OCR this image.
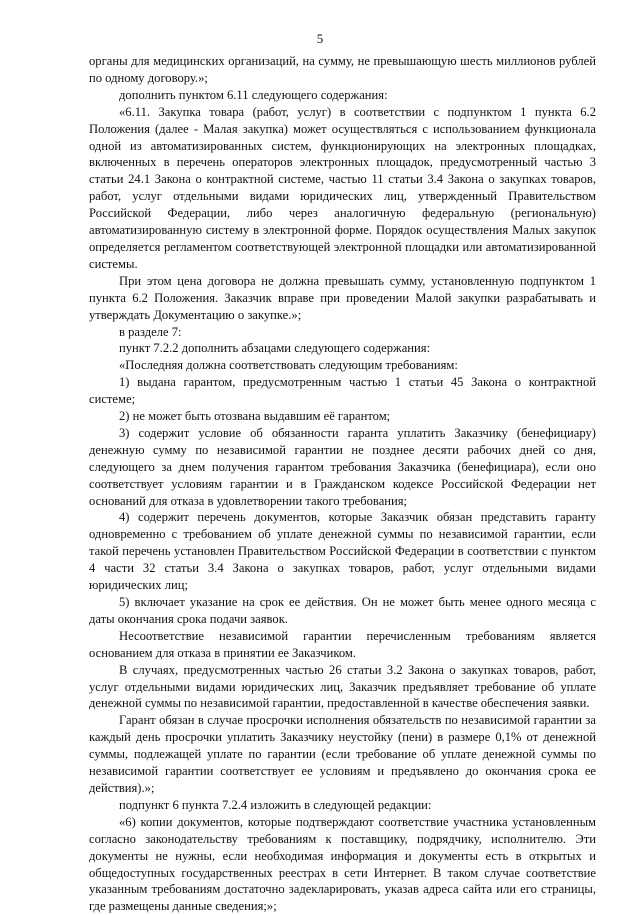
5

органы для медицинских организаций, на сумму, не превышающую шесть миллионов рублей по одному договору.»;

дополнить пунктом 6.11 следующего содержания:

«6.11. Закупка товара (работ, услуг) в соответствии с подпунктом 1 пункта 6.2 Положения (далее - Малая закупка) может осуществляться с использованием функционала одной из автоматизированных систем, функционирующих на электронных площадках, включенных в перечень операторов электронных площадок, предусмотренный частью 3 статьи 24.1 Закона о контрактной системе, частью 11 статьи 3.4 Закона о закупках товаров, работ, услуг отдельными видами юридических лиц, утвержденный Правительством Российской Федерации, либо через аналогичную федеральную (региональную) автоматизированную систему в электронной форме. Порядок осуществления Малых закупок определяется регламентом соответствующей электронной площадки или автоматизированной системы.

При этом цена договора не должна превышать сумму, установленную подпунктом 1 пункта 6.2 Положения. Заказчик вправе при проведении Малой закупки разрабатывать и утверждать Документацию о закупке.»;

в разделе 7:

пункт 7.2.2 дополнить абзацами следующего содержания:

«Последняя должна соответствовать следующим требованиям:

1) выдана гарантом, предусмотренным частью 1 статьи 45 Закона о контрактной системе;

2) не может быть отозвана выдавшим её гарантом;

3) содержит условие об обязанности гаранта уплатить Заказчику (бенефициару) денежную сумму по независимой гарантии не позднее десяти рабочих дней со дня, следующего за днем получения гарантом требования Заказчика (бенефициара), если оно соответствует условиям гарантии и в Гражданском кодексе Российской Федерации нет оснований для отказа в удовлетворении такого требования;

4) содержит перечень документов, которые Заказчик обязан представить гаранту одновременно с требованием об уплате денежной суммы по независимой гарантии, если такой перечень установлен Правительством Российской Федерации в соответствии с пунктом 4 части 32 статьи 3.4 Закона о закупках товаров, работ, услуг отдельными видами юридических лиц;

5) включает указание на срок ее действия. Он не может быть менее одного месяца с даты окончания срока подачи заявок.

Несоответствие независимой гарантии перечисленным требованиям является основанием для отказа в принятии ее Заказчиком.

В случаях, предусмотренных частью 26 статьи 3.2 Закона о закупках товаров, работ, услуг отдельными видами юридических лиц, Заказчик предъявляет требование об уплате денежной суммы по независимой гарантии, предоставленной в качестве обеспечения заявки.

Гарант обязан в случае просрочки исполнения обязательств по независимой гарантии за каждый день просрочки уплатить Заказчику неустойку (пени) в размере 0,1% от денежной суммы, подлежащей уплате по гарантии (если требование об уплате денежной суммы по независимой гарантии соответствует ее условиям и предъявлено до окончания срока ее действия).»;

подпункт 6 пункта 7.2.4 изложить в следующей редакции:

«6) копии документов, которые подтверждают соответствие участника установленным согласно законодательству требованиям к поставщику, подрядчику, исполнителю. Эти документы не нужны, если необходимая информация и документы есть в открытых и общедоступных государственных реестрах в сети Интернет. В таком случае соответствие указанным требованиям достаточно задекларировать, указав адреса сайта или его страницы, где размещены данные сведения;»;
